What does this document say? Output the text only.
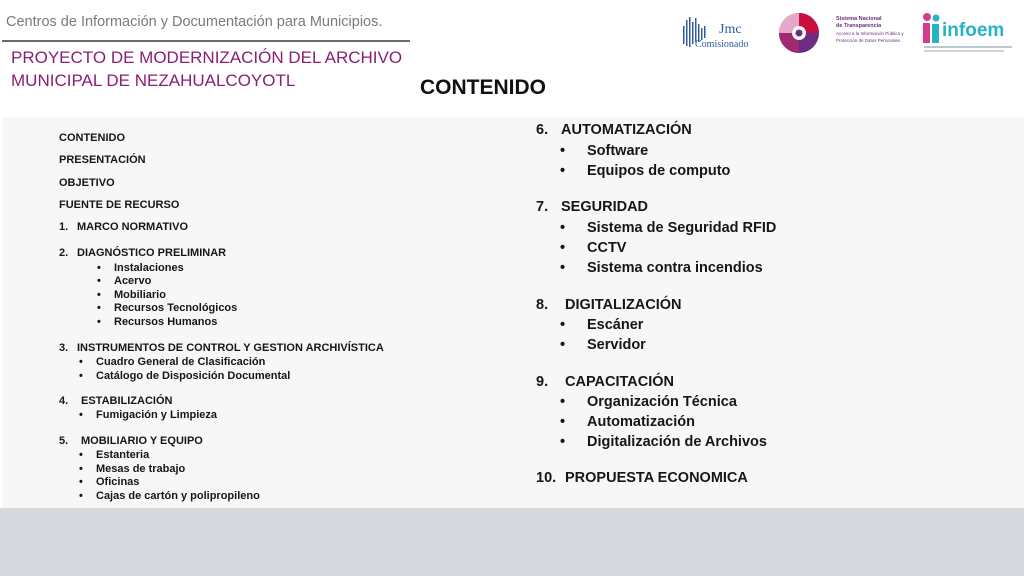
Centros de Información y Documentación para Municipios.
PROYECTO DE MODERNIZACIÓN DEL ARCHIVO
MUNICIPAL DE NEZAHUALCOYOTL	CONTENIDO
Jmc
Comisionado
Sistema Nacional
de Transparencia
Acceso a la Información Pública y
Protección de Datos Personales infoem
CONTENIDO
PRESENTACIÓN
OBJETIVO
FUENTE DE RECURSO
1. MARCO NORMATIVO
2. DIAGNÓSTICO PRELIMINAR
• Instalaciones
• Acervo
• Mobiliario
• Recursos Tecnológicos
• Recursos Humanos
3. INSTRUMENTOS DE CONTROL Y GESTION ARCHIVÍSTICA
• Cuadro General de Clasificación
• Catálogo de Disposición Documental
4. ESTABILIZACIÓN
• Fumigación y Limpieza
5. MOBILIARIO Y EQUIPO
• Estanteria
• Mesas de trabajo
• Oficinas
• Cajas de cartón y polipropileno
6. AUTOMATIZACIÓN
• Software
• Equipos de computo
7. SEGURIDAD
• Sistema de Seguridad RFID
• CCTV
• Sistema contra incendios
8. DIGITALIZACIÓN
• Escáner
• Servidor
9. CAPACITACIÓN
• Organización Técnica
• Automatización
• Digitalización de Archivos
10. PROPUESTA ECONOMICA
